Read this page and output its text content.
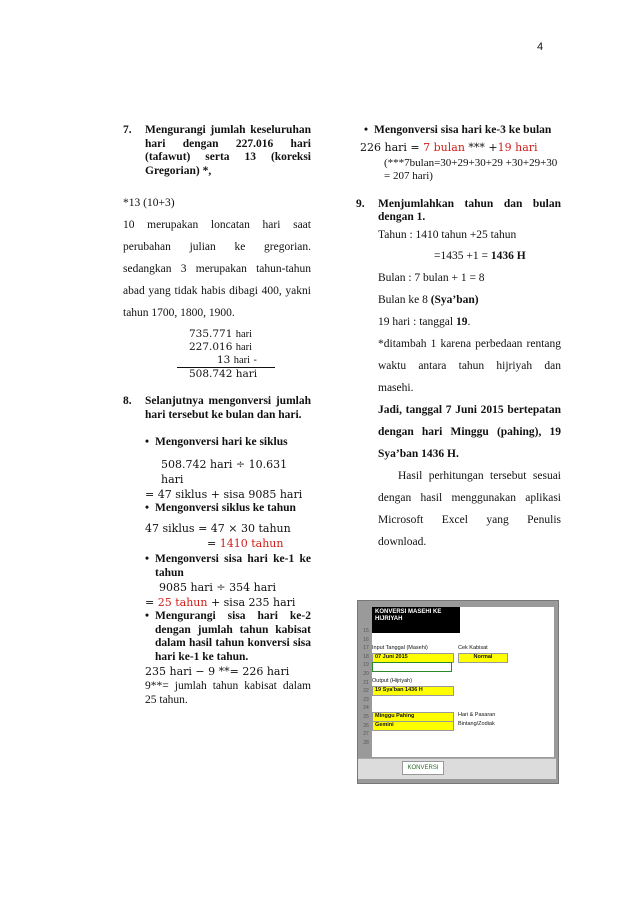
4
7.	Mengurangi jumlah keseluruhan hari dengan 227.016 hari (tafawut) serta 13 (koreksi Gregorian) *,
*13 (10+3)
10 merupakan loncatan hari saat perubahan julian ke gregorian. sedangkan 3 merupakan tahun-tahun abad yang tidak habis dibagi 400, yakni tahun 1700, 1800, 1900.
735.771 hari
227.016 hari
13 hari -
508.742 hari
8.	Selanjutnya mengonversi jumlah hari tersebut ke bulan dan hari.
• Mengonversi hari ke siklus
508.742 hari ÷ 10.631 hari
= 47 siklus + sisa 9085 hari
• Mengonversi siklus ke tahun
47 siklus = 47 × 30 tahun
= 1410 tahun
• Mengonversi sisa hari ke-1 ke tahun
9085 hari ÷ 354 hari
= 25 tahun + sisa 235 hari
• Mengurangi sisa hari ke-2 dengan jumlah tahun kabisat dalam hasil tahun konversi sisa hari ke-1 ke tahun.
235 hari − 9 **= 226 hari
9**= jumlah tahun kabisat dalam 25 tahun.
• Mengonversi sisa hari ke-3 ke bulan
226 hari = 7 bulan *** +19 hari
(***7bulan=30+29+30+29 +30+29+30 = 207 hari)
9.	Menjumlahkan tahun dan bulan dengan 1.
Tahun : 1410 tahun +25 tahun
=1435 +1 = 1436 H
Bulan : 7 bulan + 1 = 8
Bulan ke 8 (Sya’ban)
19 hari : tanggal 19.
*ditambah 1 karena perbedaan rentang waktu antara tahun hijriyah dan masehi.
Jadi, tanggal 7 Juni 2015 bertepatan dengan hari Minggu (pahing), 19 Sya’ban 1436 H.
Hasil perhitungan tersebut sesuai dengan hasil menggunakan aplikasi Microsoft Excel yang Penulis download.
15
16
17
18
19
20
21
22
23
24
25
26
27
28
KONVERSI MASEHI KE HIJRIYAH
Input Tanggal (Masehi)	Cek Kabisat
07 Juni 2015	Normal
Output (Hijriyah)
19 Sya'ban 1436 H
Minggu Pahing	Hari & Pasaran
Gemini	Bintang/Zodiak
KONVERSI
